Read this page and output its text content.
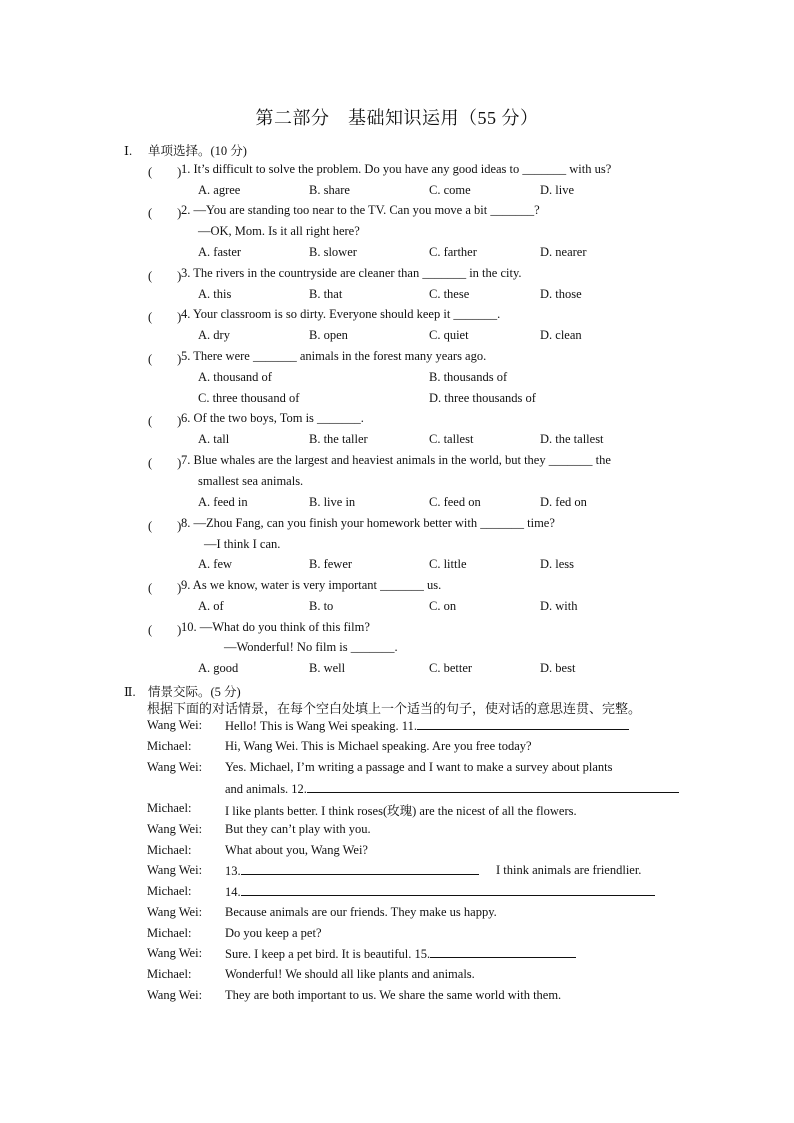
第二部分　基础知识运用（55 分）
Ⅰ. 单项选择。(10 分)
(　　) 1. It’s difficult to solve the problem. Do you have any good ideas to _______ with us?
A. agree	B. share	C. come	D. live
(　　) 2. —You are standing too near to the TV. Can you move a bit _______?
—OK, Mom. Is it all right here?
A. faster	B. slower	C. farther	D. nearer
(　　) 3. The rivers in the countryside are cleaner than _______ in the city.
A. this	B. that	C. these	D. those
(　　) 4. Your classroom is so dirty. Everyone should keep it _______.
A. dry	B. open	C. quiet	D. clean
(　　) 5. There were _______ animals in the forest many years ago.
A. thousand of	B. thousands of
C. three thousand of	D. three thousands of
(　　) 6. Of the two boys, Tom is _______.
A. tall	B. the taller	C. tallest	D. the tallest
(　　) 7. Blue whales are the largest and heaviest animals in the world, but they _______ the
smallest sea animals.
A. feed in	B. live in	C. feed on	D. fed on
(　　) 8. —Zhou Fang, can you finish your homework better with _______ time?
—I think I can.
A. few	B. fewer	C. little	D. less
(　　) 9. As we know, water is very important _______ us.
A. of	B. to	C. on	D. with
(　　) 10. —What do you think of this film?
—Wonderful! No film is _______.
A. good	B. well	C. better	D. best
Ⅱ. 情景交际。(5 分)
根据下面的对话情景，在每个空白处填上一个适当的句子，使对话的意思连贯、完整。
Wang Wei: Hello! This is Wang Wei speaking. 11.
Michael:	Hi, Wang Wei. This is Michael speaking. Are you free today?
Wang Wei: Yes. Michael, I’m writing a passage and I want to make a survey about plants
and animals. 12.
Michael:	I like plants better. I think roses(玫瑰) are the nicest of all the flowers.
Wang Wei: But they can’t play with you.
Michael:	What about you, Wang Wei?
Wang Wei: 13.	I think animals are friendlier.
Michael:	14.
Wang Wei: Because animals are our friends. They make us happy.
Michael:	Do you keep a pet?
Wang Wei: Sure. I keep a pet bird. It is beautiful. 15.
Michael:	Wonderful! We should all like plants and animals.
Wang Wei: They are both important to us. We share the same world with them.
